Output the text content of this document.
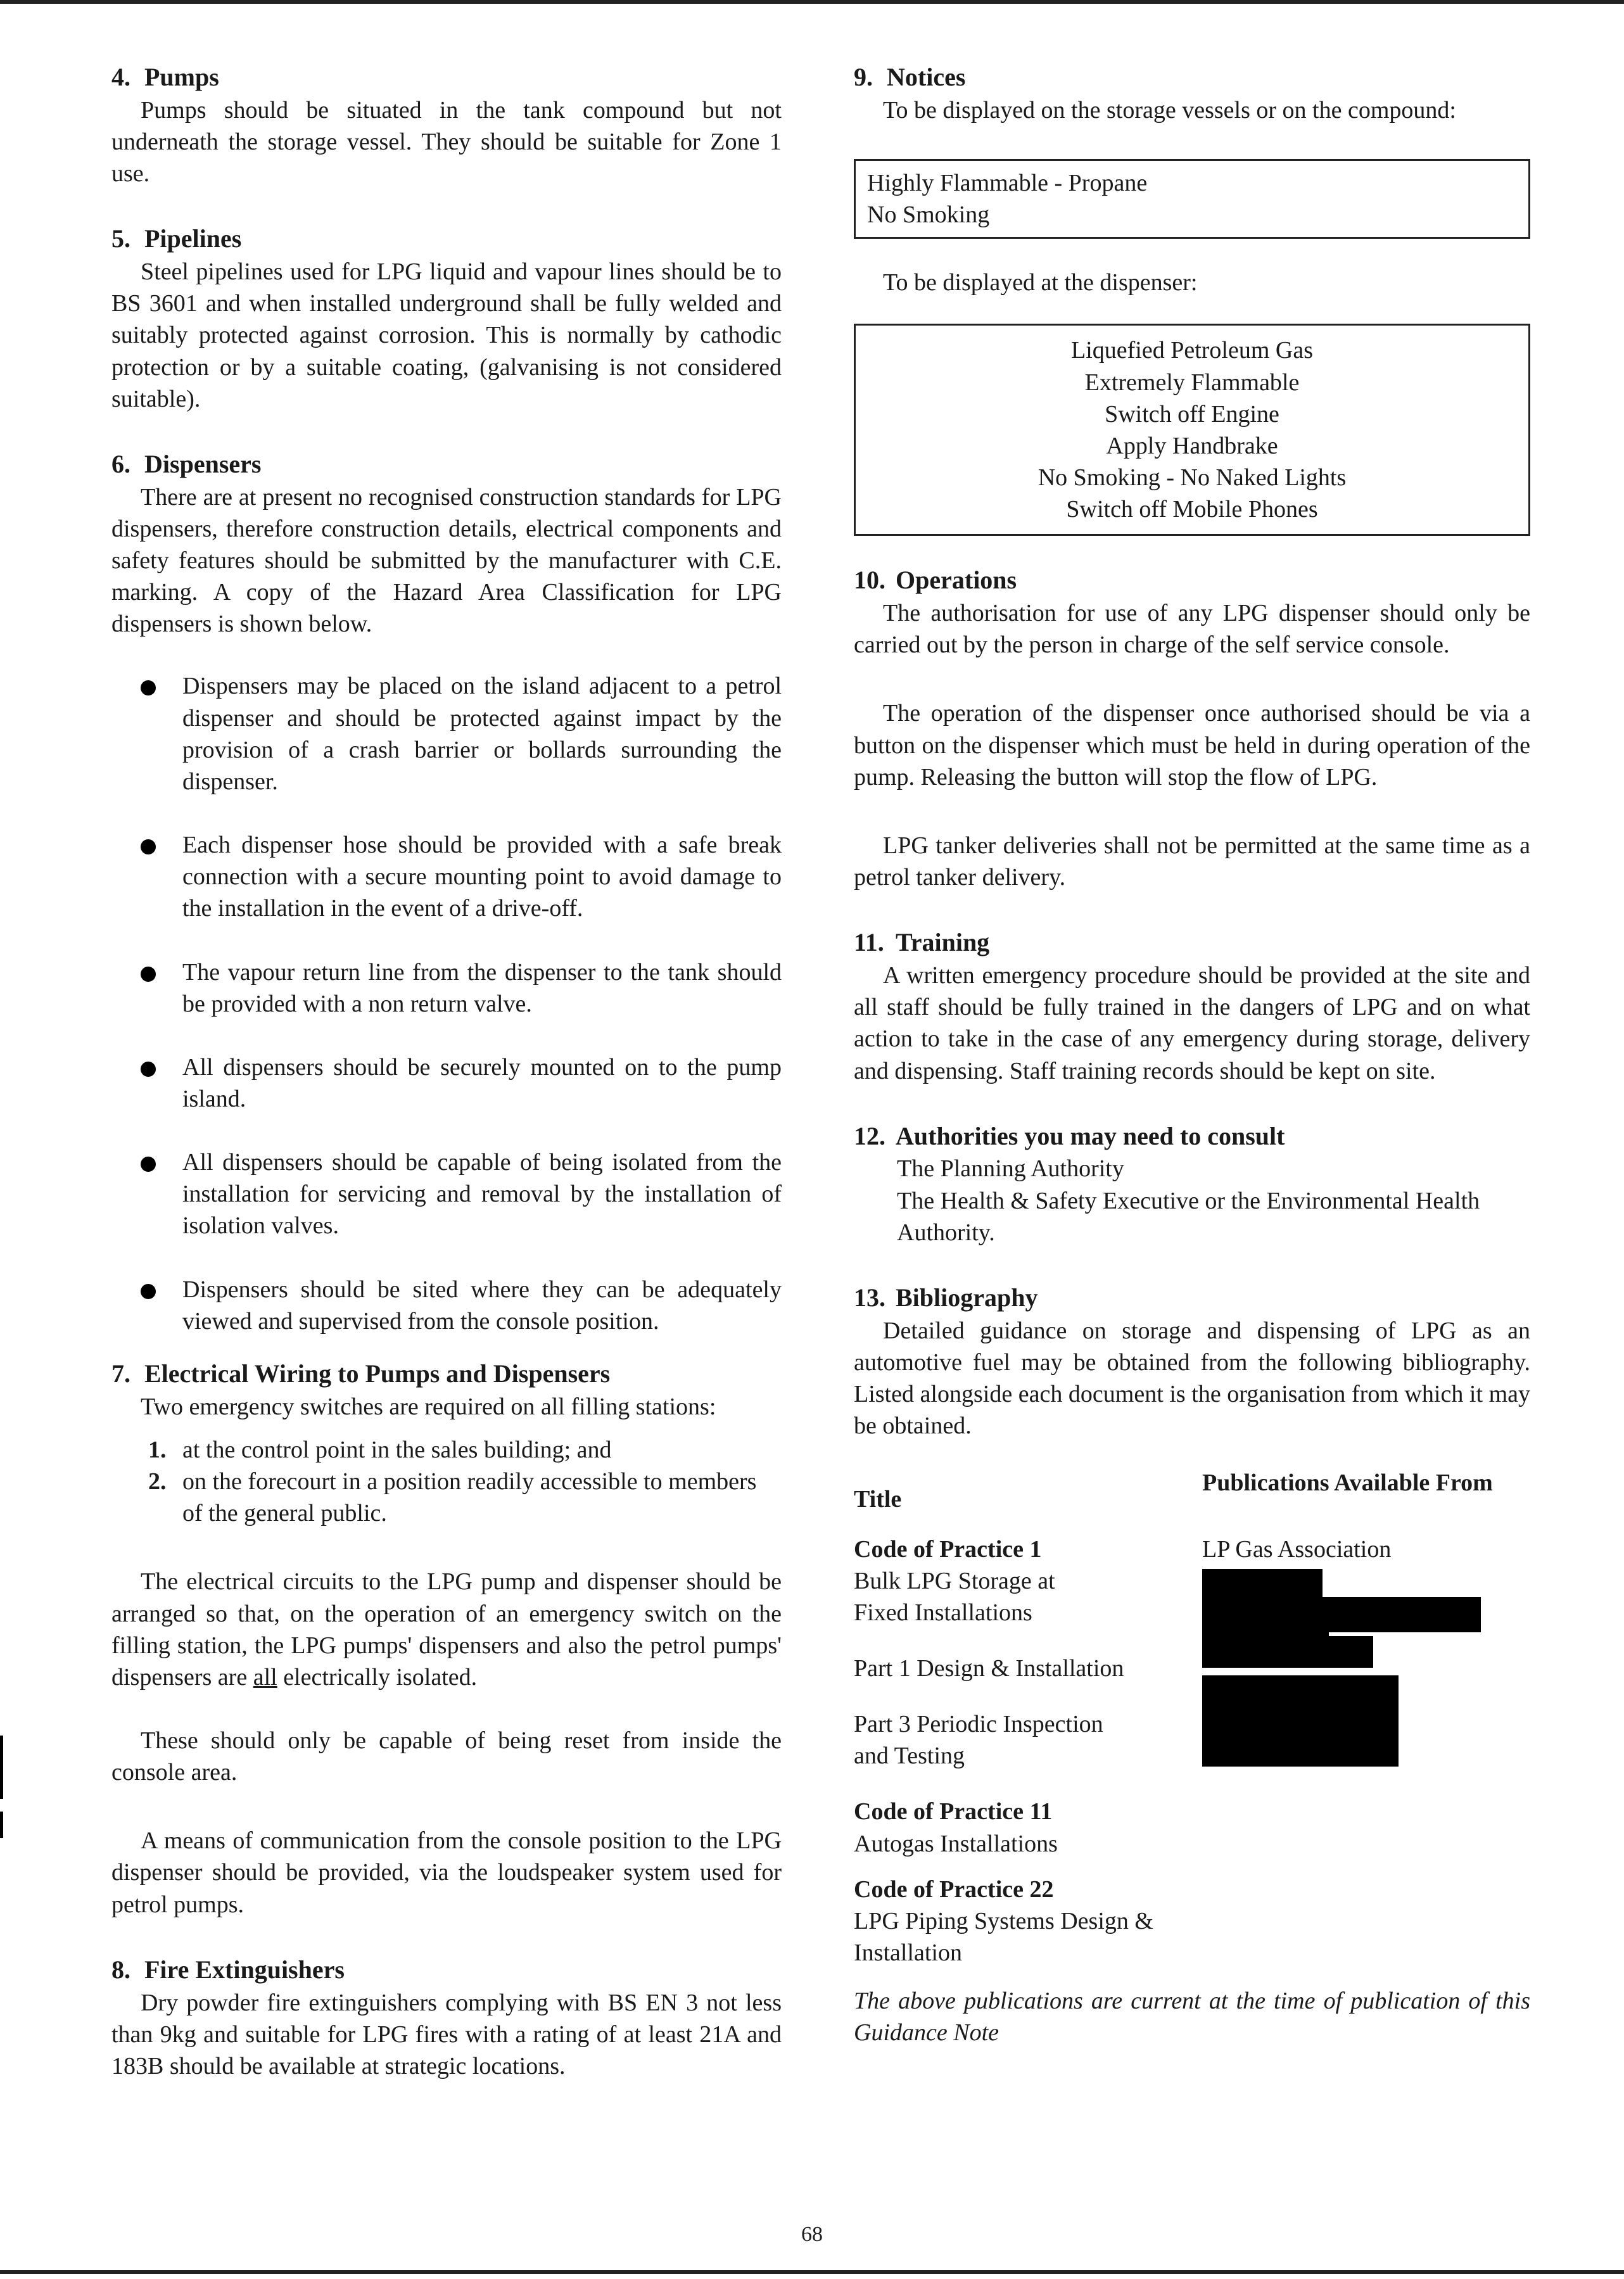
4. Pumps

Pumps should be situated in the tank compound but not underneath the storage vessel. They should be suitable for Zone 1 use.

5. Pipelines

Steel pipelines used for LPG liquid and vapour lines should be to BS 3601 and when installed underground shall be fully welded and suitably protected against corrosion. This is normally by cathodic protection or by a suitable coating, (galvanising is not considered suitable).

6. Dispensers

There are at present no recognised construction standards for LPG dispensers, therefore construction details, electrical components and safety features should be submitted by the manufacturer with C.E. marking. A copy of the Hazard Area Classification for LPG dispensers is shown below.

Dispensers may be placed on the island adjacent to a petrol dispenser and should be protected against impact by the provision of a crash barrier or bollards surrounding the dispenser.
Each dispenser hose should be provided with a safe break connection with a secure mounting point to avoid damage to the installation in the event of a drive-off.
The vapour return line from the dispenser to the tank should be provided with a non return valve.
All dispensers should be securely mounted on to the pump island.
All dispensers should be capable of being isolated from the installation for servicing and removal by the installation of isolation valves.
Dispensers should be sited where they can be adequately viewed and supervised from the console position.
7. Electrical Wiring to Pumps and Dispensers

Two emergency switches are required on all filling stations:

1. at the control point in the sales building; and
2. on the forecourt in a position readily accessible to members of the general public.

The electrical circuits to the LPG pump and dispenser should be arranged so that, on the operation of an emergency switch on the filling station, the LPG pumps' dispensers and also the petrol pumps' dispensers are all electrically isolated.

These should only be capable of being reset from inside the console area.

A means of communication from the console position to the LPG dispenser should be provided, via the loudspeaker system used for petrol pumps.

8. Fire Extinguishers

Dry powder fire extinguishers complying with BS EN 3 not less than 9kg and suitable for LPG fires with a rating of at least 21A and 183B should be available at strategic locations.

9. Notices

To be displayed on the storage vessels or on the compound:

Highly Flammable - Propane
No Smoking

To be displayed at the dispenser:

Liquefied Petroleum Gas
Extremely Flammable
Switch off Engine
Apply Handbrake
No Smoking - No Naked Lights
Switch off Mobile Phones
10. Operations

The authorisation for use of any LPG dispenser should only be carried out by the person in charge of the self service console.

The operation of the dispenser once authorised should be via a button on the dispenser which must be held in during operation of the pump. Releasing the button will stop the flow of LPG.

LPG tanker deliveries shall not be permitted at the same time as a petrol tanker delivery.

11. Training

A written emergency procedure should be provided at the site and all staff should be fully trained in the dangers of LPG and on what action to take in the case of any emergency during storage, delivery and dispensing. Staff training records should be kept on site.

12. Authorities you may need to consult
The Planning Authority
The Health & Safety Executive or the Environmental Health Authority.
13. Bibliography

Detailed guidance on storage and dispensing of LPG as an automotive fuel may be obtained from the following bibliography. Listed alongside each document is the organisation from which it may be obtained.

Title
Publications Available From
Code of Practice 1
Bulk LPG Storage at Fixed Installations
Part 1 Design & Installation
Part 3 Periodic Inspection and Testing
Code of Practice 11
Autogas Installations
Code of Practice 22
LPG Piping Systems Design & Installation
LP Gas Association

The above publications are current at the time of publication of this Guidance Note

68
